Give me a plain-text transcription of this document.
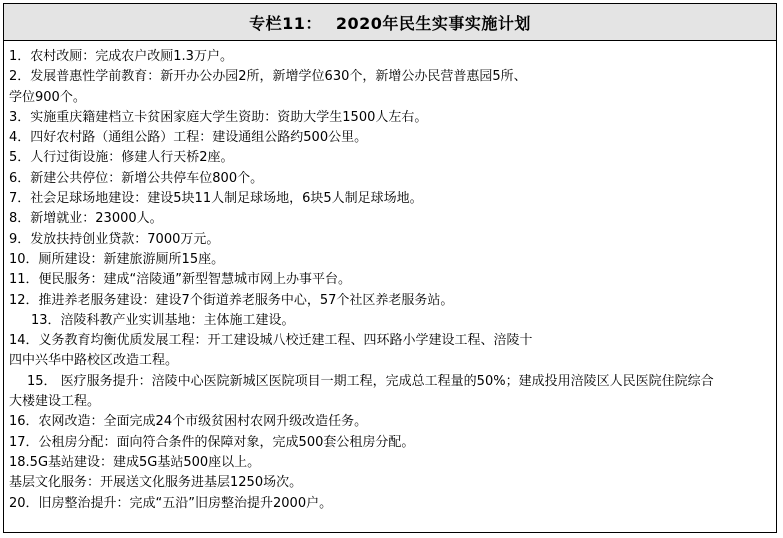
专栏11： 2020年民生实事实施计划
1．农村改厕：完成农户改厕1.3万户。
2．发展普惠性学前教育：新开办公办园2所，新增学位630个，新增公办民营普惠园5所、
学位900个。
3．实施重庆籍建档立卡贫困家庭大学生资助：资助大学生1500人左右。
4．四好农村路（通组公路）工程：建设通组公路约500公里。
5．人行过街设施：修建人行天桥2座。
6．新建公共停位：新增公共停车位800个。
7．社会足球场地建设：建设5块11人制足球场地，6块5人制足球场地。
8．新增就业：23000人。
9．发放扶持创业贷款：7000万元。
10．厕所建设：新建旅游厕所15座。
11．便民服务：建成“涪陵通”新型智慧城市网上办事平台。
12．推进养老服务建设：建设7个街道养老服务中心，57个社区养老服务站。
13．涪陵科教产业实训基地：主体施工建设。
14．义务教育均衡优质发展工程：开工建设城八校迁建工程、四环路小学建设工程、涪陵十
四中兴华中路校区改造工程。
15． 医疗服务提升：涪陵中心医院新城区医院项目一期工程，完成总工程量的50%；建成投用涪陵区人民医院住院综合
大楼建设工程。
16．农网改造：全面完成24个市级贫困村农网升级改造任务。
17．公租房分配：面向符合条件的保障对象，完成500套公租房分配。
18.5G基站建设：建成5G基站500座以上。
基层文化服务：开展送文化服务进基层1250场次。
20．旧房整治提升：完成“五沿”旧房整治提升2000户。
